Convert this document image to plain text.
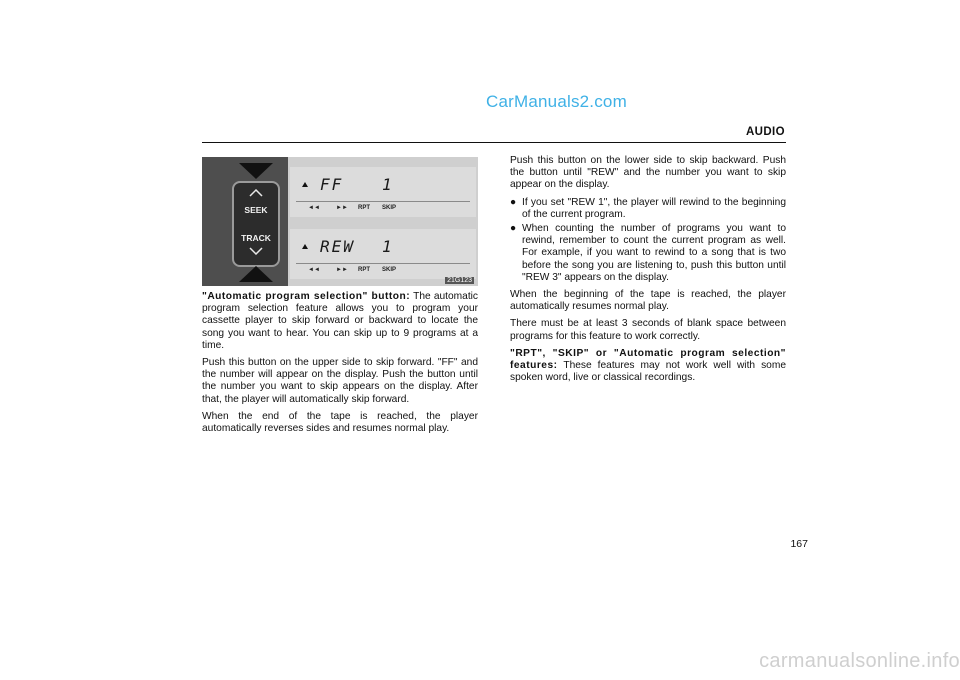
CarManuals2.com
AUDIO
SEEK
TRACK
FF 1
◄◄	►► RPT SKIP
REW 1
◄◄	►► RPT SKIP
21G123

"Automatic program selection" button: The automatic program selection feature allows you to program your cassette player to skip forward or backward to locate the song you want to hear. You can skip up to 9 programs at a time.

Push this button on the upper side to skip forward. "FF" and the number will appear on the display. Push the button until the number you want to skip appears on the display. After that, the player will automatically skip forward.

When the end of the tape is reached, the player automatically reverses sides and resumes normal play.

Push this button on the lower side to skip backward. Push the button until "REW" and the number you want to skip appear on the display.

● If you set "REW 1", the player will rewind to the beginning of the current program.
● When counting the number of programs you want to rewind, remember to count the current program as well. For example, if you want to rewind to a song that is two before the song you are listening to, push this button until "REW 3" appears on the display.

When the beginning of the tape is reached, the player automatically resumes normal play.

There must be at least 3 seconds of blank space between programs for this feature to work correctly.

"RPT", "SKIP" or "Automatic program selection" features: These features may not work well with some spoken word, live or classical recordings.

167
carmanualsonline.info
